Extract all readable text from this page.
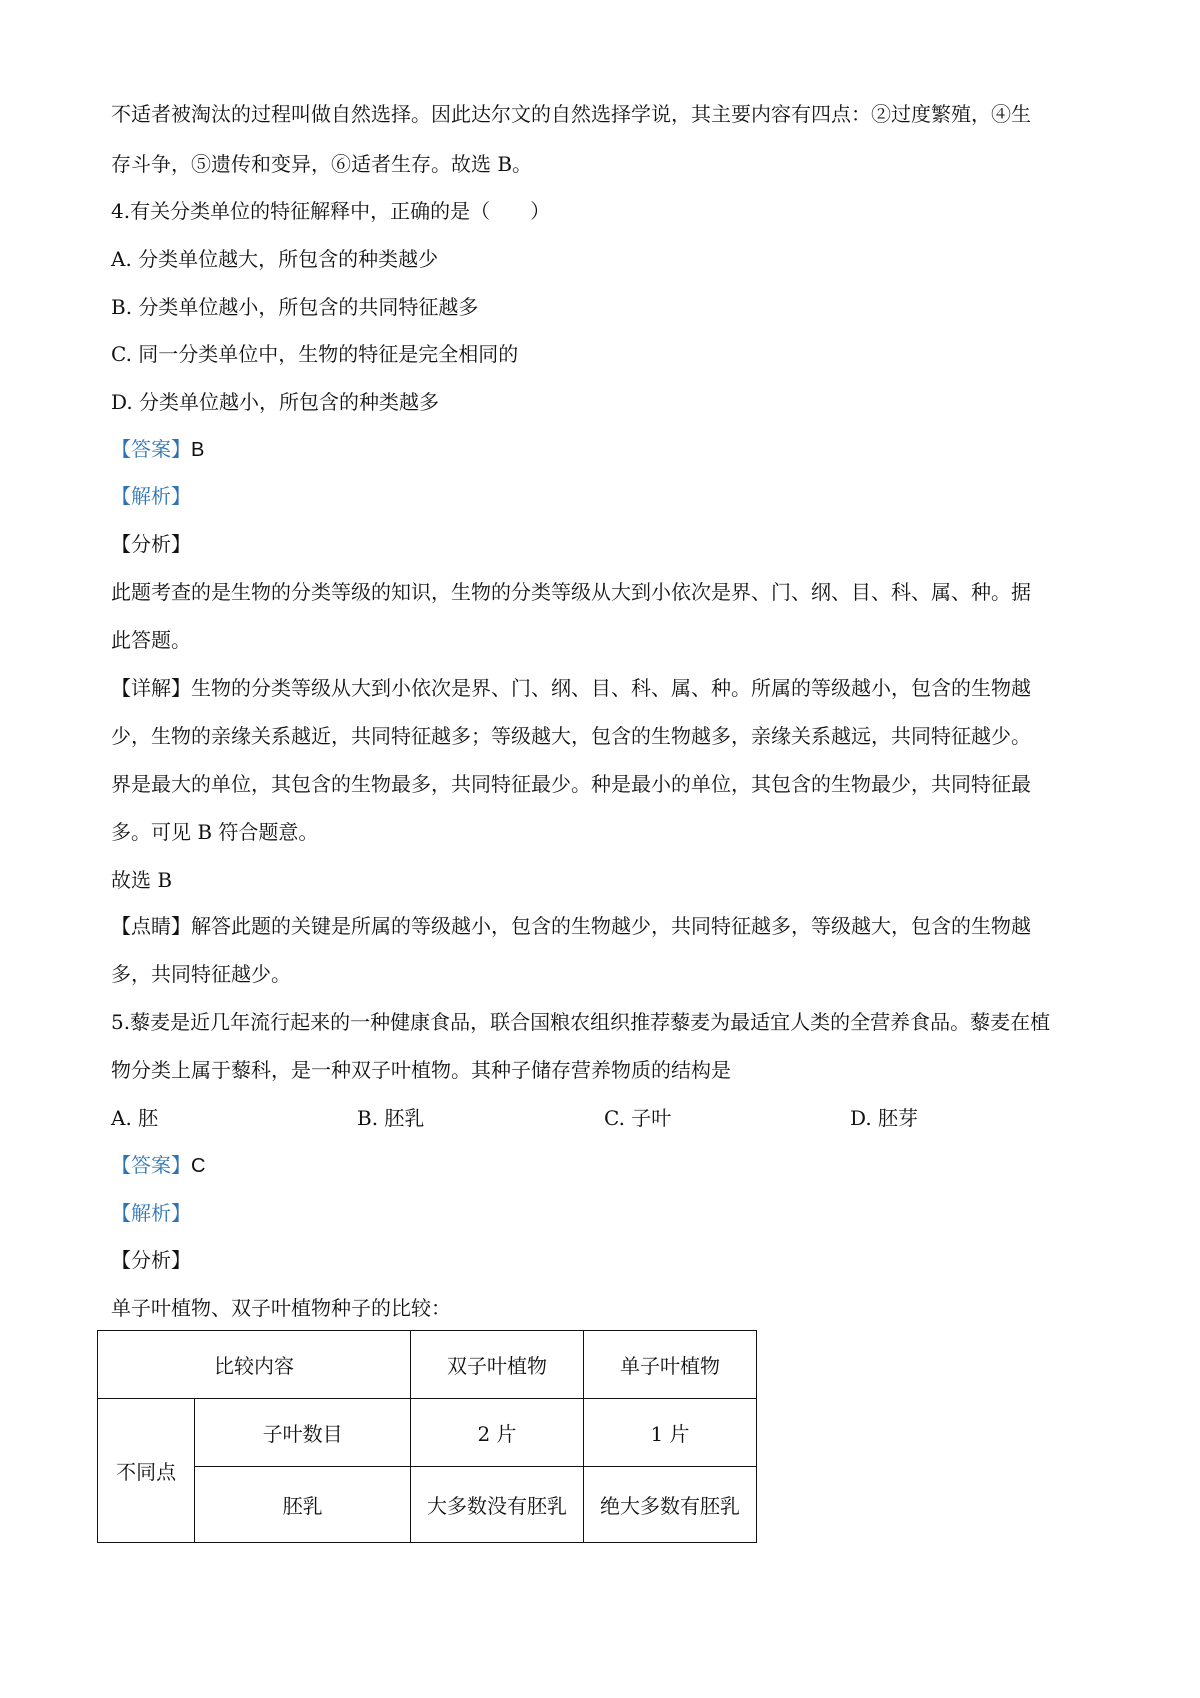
不适者被淘汰的过程叫做自然选择。因此达尔文的自然选择学说，其主要内容有四点：②过度繁殖，④生
存斗争，⑤遗传和变异，⑥适者生存。故选 B。
4.有关分类单位的特征解释中，正确的是（　　）
A. 分类单位越大，所包含的种类越少
B. 分类单位越小，所包含的共同特征越多
C. 同一分类单位中，生物的特征是完全相同的
D. 分类单位越小，所包含的种类越多
【答案】B
【解析】
【分析】
此题考查的是生物的分类等级的知识，生物的分类等级从大到小依次是界、门、纲、目、科、属、种。据
此答题。
【详解】生物的分类等级从大到小依次是界、门、纲、目、科、属、种。所属的等级越小，包含的生物越
少，生物的亲缘关系越近，共同特征越多；等级越大，包含的生物越多，亲缘关系越远，共同特征越少。
界是最大的单位，其包含的生物最多，共同特征最少。种是最小的单位，其包含的生物最少，共同特征最
多。可见 B 符合题意。
故选 B
【点睛】解答此题的关键是所属的等级越小，包含的生物越少，共同特征越多，等级越大，包含的生物越
多，共同特征越少。
5.藜麦是近几年流行起来的一种健康食品，联合国粮农组织推荐藜麦为最适宜人类的全营养食品。藜麦在植
物分类上属于藜科，是一种双子叶植物。其种子储存营养物质的结构是
A. 胚	B. 胚乳	C. 子叶	D. 胚芽
【答案】C
【解析】
【分析】
单子叶植物、双子叶植物种子的比较：
比较内容		双子叶植物	单子叶植物
不同点	子叶数目	2 片	1 片
	胚乳	大多数没有胚乳	绝大多数有胚乳
